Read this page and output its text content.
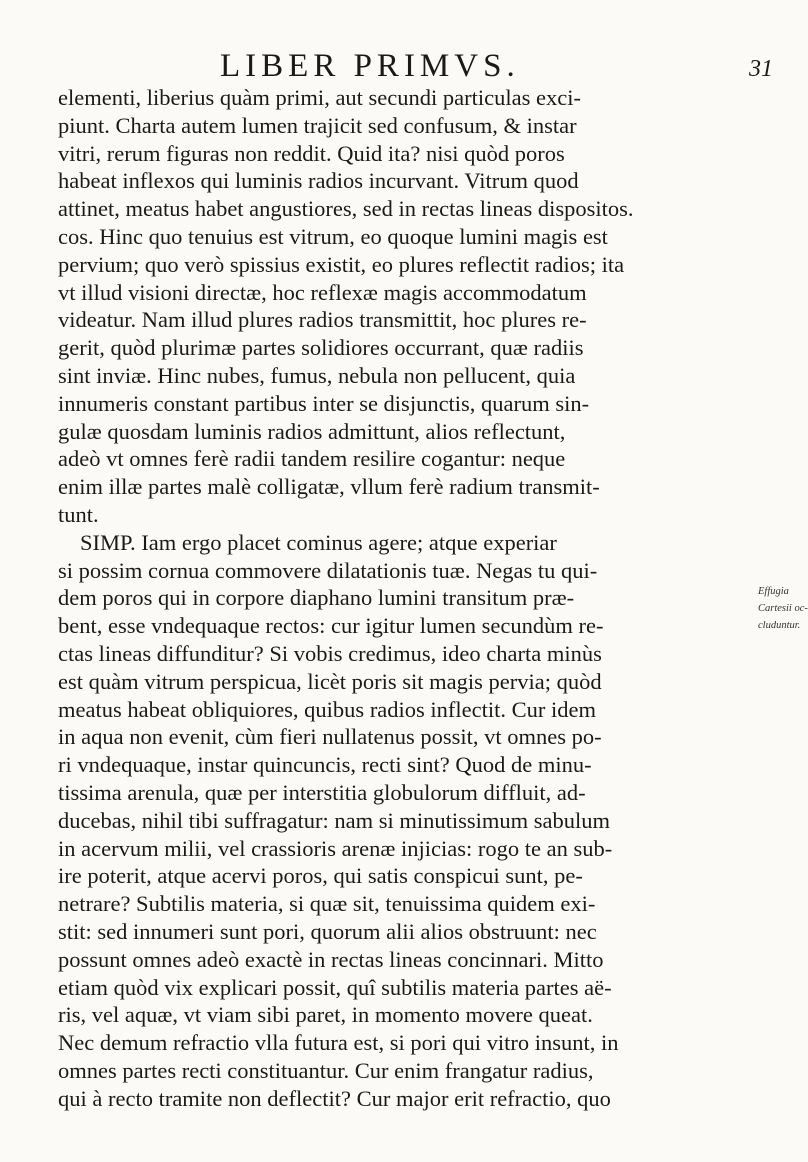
LIBER PRIMVS.	31
elementi, liberius quàm primi, aut secundi particulas exci-
piunt. Charta autem lumen trajicit sed confusum, & instar
vitri, rerum figuras non reddit. Quid ita? nisi quòd poros
habeat inflexos qui luminis radios incurvant. Vitrum quod
attinet, meatus habet angustiores, sed in rectas lineas dispositos.
cos. Hinc quo tenuius est vitrum, eo quoque lumini magis est
pervium; quo verò spissius existit, eo plures reflectit radios; ita
vt illud visioni directæ, hoc reflexæ magis accommodatum
videatur. Nam illud plures radios transmittit, hoc plures re-
gerit, quòd plurimæ partes solidiores occurrant, quæ radiis
sint inviæ. Hinc nubes, fumus, nebula non pellucent, quia
innumeris constant partibus inter se disjunctis, quarum sin-
gulæ quosdam luminis radios admittunt, alios reflectunt,
adeò vt omnes ferè radii tandem resilire cogantur: neque
enim illæ partes malè colligatæ, vllum ferè radium transmit-
tunt.
SIMP. Iam ergo placet cominus agere; atque experiar
si possim cornua commovere dilatationis tuæ. Negas tu qui-
dem poros qui in corpore diaphano lumini transitum præ-
bent, esse vndequaque rectos: cur igitur lumen secundùm re-
ctas lineas diffunditur? Si vobis credimus, ideo charta minùs
est quàm vitrum perspicua, licèt poris sit magis pervia; quòd
meatus habeat obliquiores, quibus radios inflectit. Cur idem
in aqua non evenit, cùm fieri nullatenus possit, vt omnes po-
ri vndequaque, instar quincuncis, recti sint? Quod de minu-
tissima arenula, quæ per interstitia globulorum diffluit, ad-
ducebas, nihil tibi suffragatur: nam si minutissimum sabulum
in acervum milii, vel crassioris arenæ injicias: rogo te an sub-
ire poterit, atque acervi poros, qui satis conspicui sunt, pe-
netrare? Subtilis materia, si quæ sit, tenuissima quidem exi-
stit: sed innumeri sunt pori, quorum alii alios obstruunt: nec
possunt omnes adeò exactè in rectas lineas concinnari. Mitto
etiam quòd vix explicari possit, quî subtilis materia partes aë-
ris, vel aquæ, vt viam sibi paret, in momento movere queat.
Nec demum refractio vlla futura est, si pori qui vitro insunt, in
omnes partes recti constituantur. Cur enim frangatur radius,
qui à recto tramite non deflectit? Cur major erit refractio, quo
Effugia
Cartesii oc-
cluduntur.
